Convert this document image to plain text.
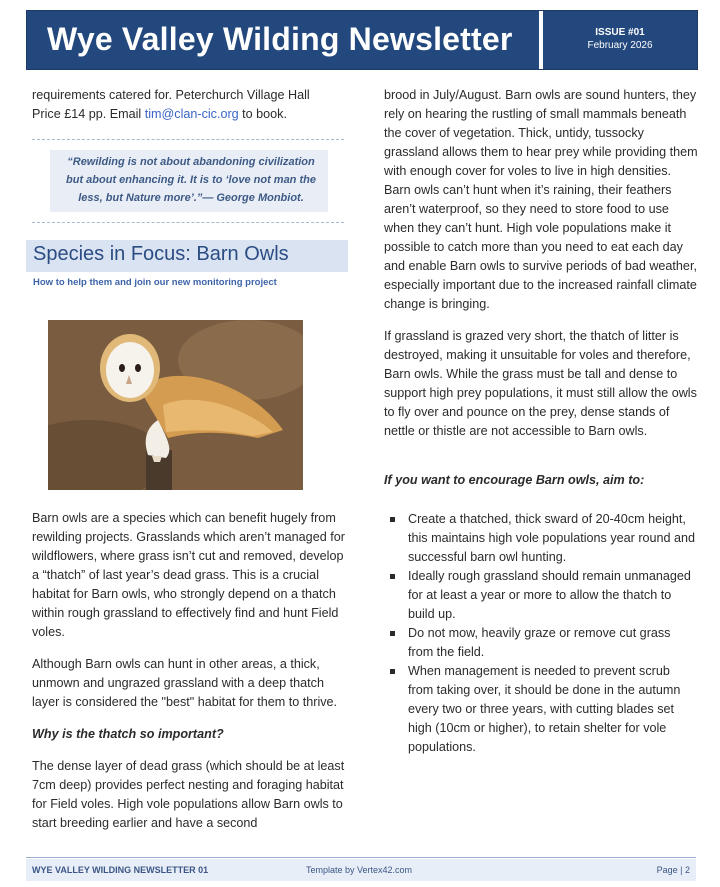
Wye Valley Wilding Newsletter	ISSUE #01
February 2026
requirements catered for. Peterchurch Village Hall
Price £14 pp. Email tim@clan-cic.org to book.
“Rewilding is not about abandoning civilization but about enhancing it. It is to ‘love not man the less, but Nature more’.”— George Monbiot.
Species in Focus: Barn Owls
How to help them and join our new monitoring project

Barn owls are a species which can benefit hugely from rewilding projects. Grasslands which aren’t managed for wildflowers, where grass isn’t cut and removed, develop a “thatch” of last year’s dead grass. This is a crucial habitat for Barn owls, who strongly depend on a thatch within rough grassland to effectively find and hunt Field voles.

Although Barn owls can hunt in other areas, a thick, unmown and ungrazed grassland with a deep thatch layer is considered the "best" habitat for them to thrive.

Why is the thatch so important?

The dense layer of dead grass (which should be at least 7cm deep) provides perfect nesting and foraging habitat for Field voles. High vole populations allow Barn owls to start breeding earlier and have a second

brood in July/August. Barn owls are sound hunters, they rely on hearing the rustling of small mammals beneath the cover of vegetation. Thick, untidy, tussocky grassland allows them to hear prey while providing them with enough cover for voles to live in high densities. Barn owls can’t hunt when it’s raining, their feathers aren’t waterproof, so they need to store food to use when they can’t hunt. High vole populations make it possible to catch more than you need to eat each day and enable Barn owls to survive periods of bad weather, especially important due to the increased rainfall climate change is bringing.

If grassland is grazed very short, the thatch of litter is destroyed, making it unsuitable for voles and therefore, Barn owls. While the grass must be tall and dense to support high prey populations, it must still allow the owls to fly over and pounce on the prey, dense stands of nettle or thistle are not accessible to Barn owls.

If you want to encourage Barn owls, aim to:

Create a thatched, thick sward of 20-40cm height, this maintains high vole populations year round and successful barn owl hunting.
Ideally rough grassland should remain unmanaged for at least a year or more to allow the thatch to build up.
Do not mow, heavily graze or remove cut grass from the field.
When management is needed to prevent scrub from taking over, it should be done in the autumn every two or three years, with cutting blades set high (10cm or higher), to retain shelter for vole populations.
WYE VALLEY WILDING NEWSLETTER 01	Template by Vertex42.com	Page | 2
